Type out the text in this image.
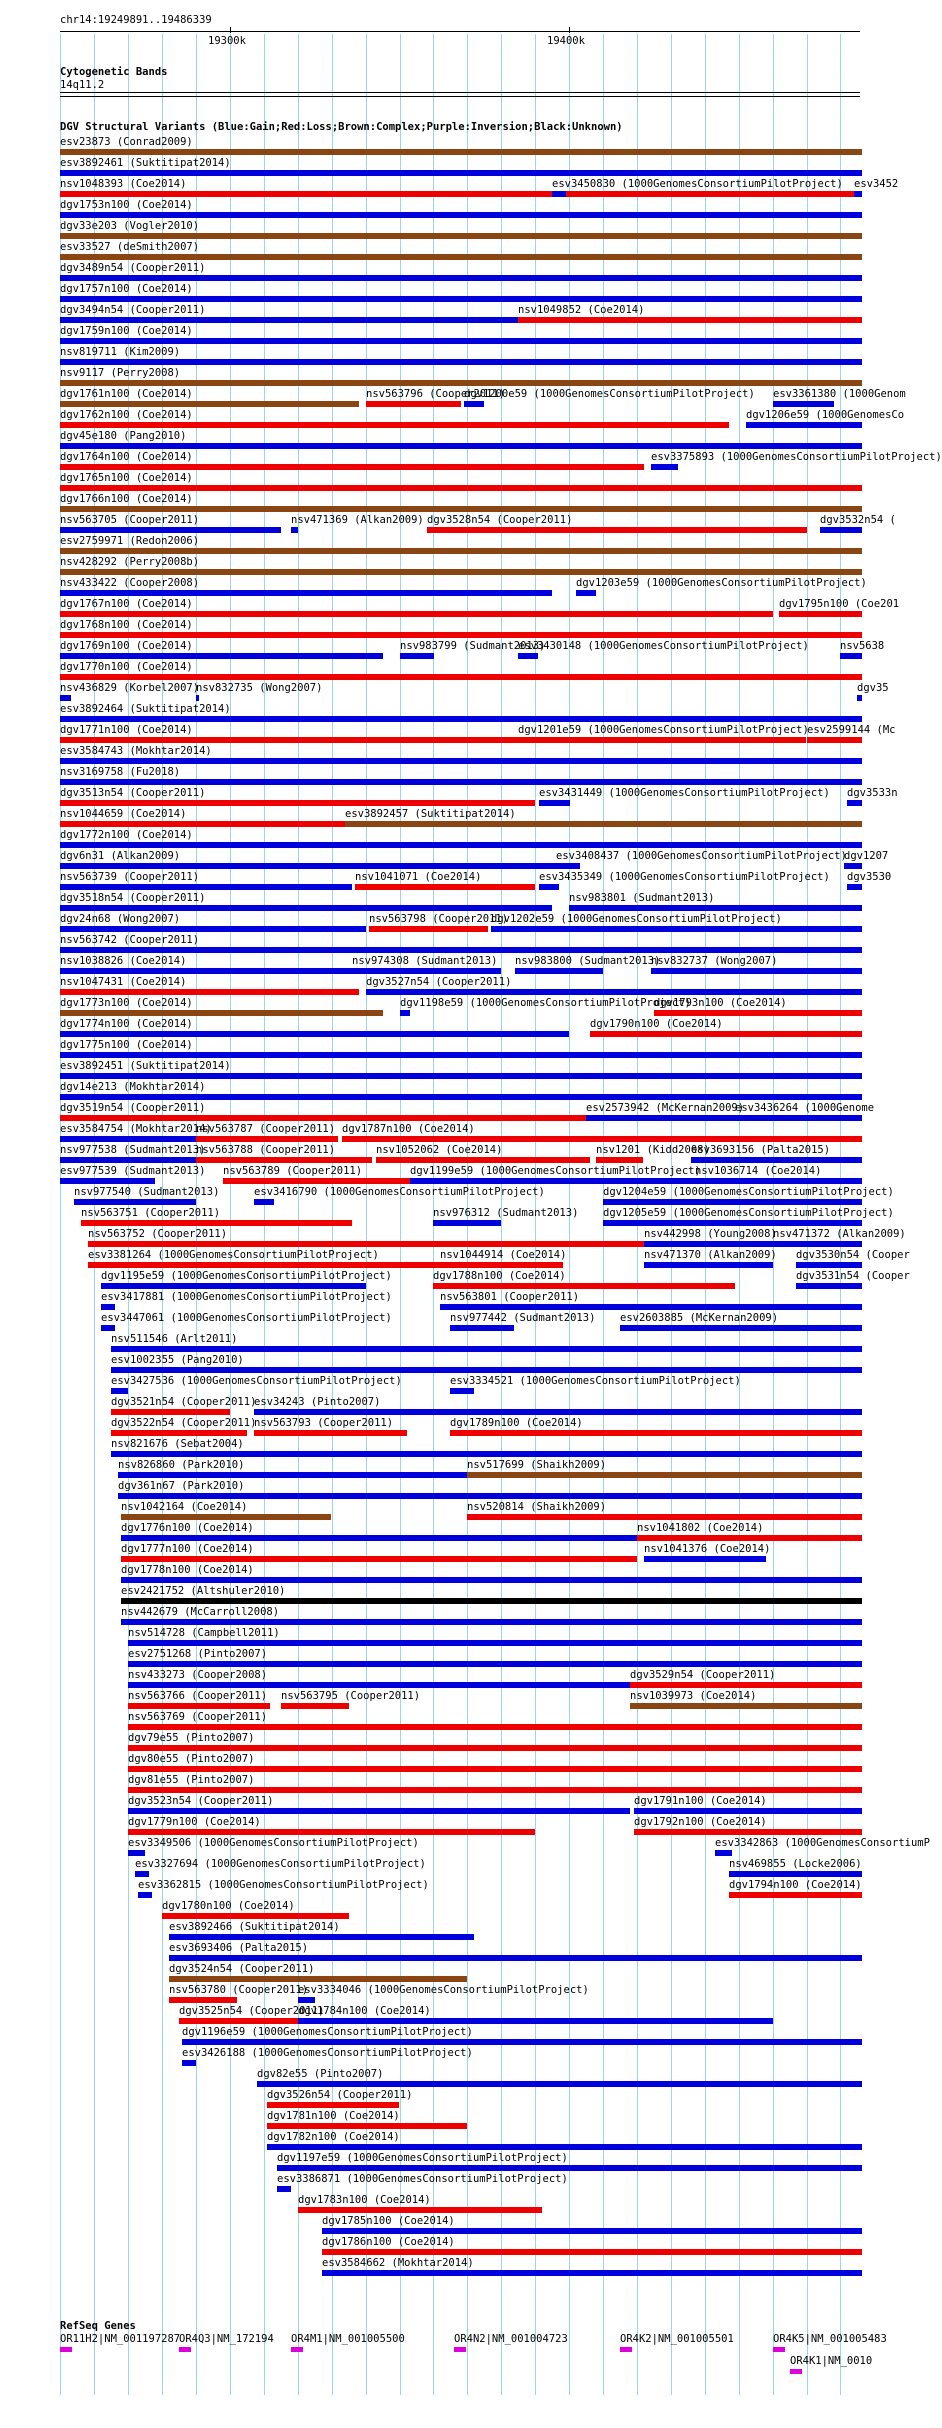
chr14:19249891..19486339
19300k	19400k
Cytogenetic Bands
14q11.2
DGV Structural Variants (Blue:Gain;Red:Loss;Brown:Complex;Purple:Inversion;Black:Unknown)
esv23873 (Conrad2009)
esv3892461 (Suktitipat2014)
nsv1048393 (Coe2014)	esv3450830 (1000GenomesConsortiumPilotProject) esv3452
dgv1753n100 (Coe2014)
dgv33e203 (Vogler2010)
esv33527 (deSmith2007)
dgv3489n54 (Cooper2011)
dgv1757n100 (Coe2014)
dgv3494n54 (Cooper2011)	nsv1049852 (Coe2014)
dgv1759n100 (Coe2014)
nsv819711 (Kim2009)
nsv9117 (Perry2008)
dgv1761n100 (Coe2014)	nsv563796 (Cooper2011)
dgv1200e59 (1000GenomesConsortiumPilotProject) esv3361380 (1000Genom
dgv1762n100 (Coe2014)	dgv1206e59 (1000GenomesCo
dgv45e180 (Pang2010)
dgv1764n100 (Coe2014)	esv3375893 (1000GenomesConsortiumPilotProject)
dgv1765n100 (Coe2014)
dgv1766n100 (Coe2014)
nsv563705 (Cooper2011)	nsv471369 (Alkan2009) dgv3528n54 (Cooper2011)	dgv3532n54 (
esv2759971 (Redon2006)
nsv428292 (Perry2008b)
nsv433422 (Cooper2008)	dgv1203e59 (1000GenomesConsortiumPilotProject)
dgv1767n100 (Coe2014)	dgv1795n100 (Coe201
dgv1768n100 (Coe2014)
dgv1769n100 (Coe2014)	nsv983799 (Sudmant2013)
esv3430148 (1000GenomesConsortiumPilotProject)	nsv5638
dgv1770n100 (Coe2014)
nsv436829 (Korbel2007)
nsv832735 (Wong2007)	dgv35
esv3892464 (Suktitipat2014)
dgv1771n100 (Coe2014)	dgv1201e59 (1000GenomesConsortiumPilotProject)
esv2599144 (Mc
esv3584743 (Mokhtar2014)
nsv3169758 (Fu2018)
dgv3513n54 (Cooper2011)	esv3431449 (1000GenomesConsortiumPilotProject) dgv3533n
nsv1044659 (Coe2014)	esv3892457 (Suktitipat2014)
dgv1772n100 (Coe2014)
dgv6n31 (Alkan2009)	esv3408437 (1000GenomesConsortiumPilotProject)
dgv1207
nsv563739 (Cooper2011)	nsv1041071 (Coe2014)	esv3435349 (1000GenomesConsortiumPilotProject) dgv3530
dgv3518n54 (Cooper2011)	nsv983801 (Sudmant2013)
dgv24n68 (Wong2007)	nsv563798 (Cooper2011)
dgv1202e59 (1000GenomesConsortiumPilotProject)
nsv563742 (Cooper2011)
nsv1038826 (Coe2014)	nsv974308 (Sudmant2013) nsv983800 (Sudmant2013)
nsv832737 (Wong2007)
nsv1047431 (Coe2014)	dgv3527n54 (Cooper2011)
dgv1773n100 (Coe2014)	dgv1198e59 (1000GenomesConsortiumPilotProject)
dgv1793n100 (Coe2014)
dgv1774n100 (Coe2014)	dgv1790n100 (Coe2014)
dgv1775n100 (Coe2014)
esv3892451 (Suktitipat2014)
dgv14e213 (Mokhtar2014)
dgv3519n54 (Cooper2011)	esv2573942 (McKernan2009)
esv3436264 (1000Genome
esv3584754 (Mokhtar2014)
nsv563787 (Cooper2011) dgv1787n100 (Coe2014)
nsv977538 (Sudmant2013)
nsv563788 (Cooper2011)	nsv1052062 (Coe2014)	nsv1201 (Kidd2008)
esv3693156 (Palta2015)
esv977539 (Sudmant2013) nsv563789 (Cooper2011)	dgv1199e59 (1000GenomesConsortiumPilotProject)
nsv1036714 (Coe2014)
nsv977540 (Sudmant2013)	esv3416790 (1000GenomesConsortiumPilotProject)	dgv1204e59 (1000GenomesConsortiumPilotProject)
nsv563751 (Cooper2011)	nsv976312 (Sudmant2013) dgv1205e59 (1000GenomesConsortiumPilotProject)
nsv563752 (Cooper2011)	nsv442998 (Young2008)
nsv471372 (Alkan2009)
esv3381264 (1000GenomesConsortiumPilotProject)	nsv1044914 (Coe2014)	nsv471370 (Alkan2009) dgv3530n54 (Cooper
dgv1195e59 (1000GenomesConsortiumPilotProject)	dgv1788n100 (Coe2014)	dgv3531n54 (Cooper
esv3417881 (1000GenomesConsortiumPilotProject)	nsv563801 (Cooper2011)
esv3447061 (1000GenomesConsortiumPilotProject)	nsv977442 (Sudmant2013) esv2603885 (McKernan2009)
nsv511546 (Arlt2011)
esv1002355 (Pang2010)
esv3427536 (1000GenomesConsortiumPilotProject)	esv3334521 (1000GenomesConsortiumPilotProject)
dgv3521n54 (Cooper2011)
esv34243 (Pinto2007)
dgv3522n54 (Cooper2011)
nsv563793 (Cooper2011)	dgv1789n100 (Coe2014)
nsv821676 (Sebat2004)
nsv826860 (Park2010)	nsv517699 (Shaikh2009)
dgv361n67 (Park2010)
nsv1042164 (Coe2014)	nsv520814 (Shaikh2009)
dgv1776n100 (Coe2014)	nsv1041802 (Coe2014)
dgv1777n100 (Coe2014)	nsv1041376 (Coe2014)
dgv1778n100 (Coe2014)
esv2421752 (Altshuler2010)
nsv442679 (McCarroll2008)
nsv514728 (Campbell2011)
esv2751268 (Pinto2007)
nsv433273 (Cooper2008)	dgv3529n54 (Cooper2011)
nsv563766 (Cooper2011) nsv563795 (Cooper2011)	nsv1039973 (Coe2014)
nsv563769 (Cooper2011)
dgv79e55 (Pinto2007)
dgv80e55 (Pinto2007)
dgv81e55 (Pinto2007)
dgv3523n54 (Cooper2011)	dgv1791n100 (Coe2014)
dgv1779n100 (Coe2014)	dgv1792n100 (Coe2014)
esv3349506 (1000GenomesConsortiumPilotProject)	esv3342863 (1000GenomesConsortiumP
esv3327694 (1000GenomesConsortiumPilotProject)	nsv469855 (Locke2006)
esv3362815 (1000GenomesConsortiumPilotProject)	dgv1794n100 (Coe2014)
dgv1780n100 (Coe2014)
esv3892466 (Suktitipat2014)
esv3693406 (Palta2015)
dgv3524n54 (Cooper2011)
nsv563780 (Cooper2011)
esv3334046 (1000GenomesConsortiumPilotProject)
dgv3525n54 (Cooper2011)
dgv1784n100 (Coe2014)
dgv1196e59 (1000GenomesConsortiumPilotProject)
esv3426188 (1000GenomesConsortiumPilotProject)
dgv82e55 (Pinto2007)
dgv3526n54 (Cooper2011)
dgv1781n100 (Coe2014)
dgv1782n100 (Coe2014)
dgv1197e59 (1000GenomesConsortiumPilotProject)
esv3386871 (1000GenomesConsortiumPilotProject)
dgv1783n100 (Coe2014)
dgv1785n100 (Coe2014)
dgv1786n100 (Coe2014)
esv3584662 (Mokhtar2014)
RefSeq Genes
OR11H2|NM_001197287
OR4Q3|NM_172194 OR4M1|NM_001005500	OR4N2|NM_001004723	OR4K2|NM_001005501	OR4K5|NM_001005483
OR4K1|NM_0010
